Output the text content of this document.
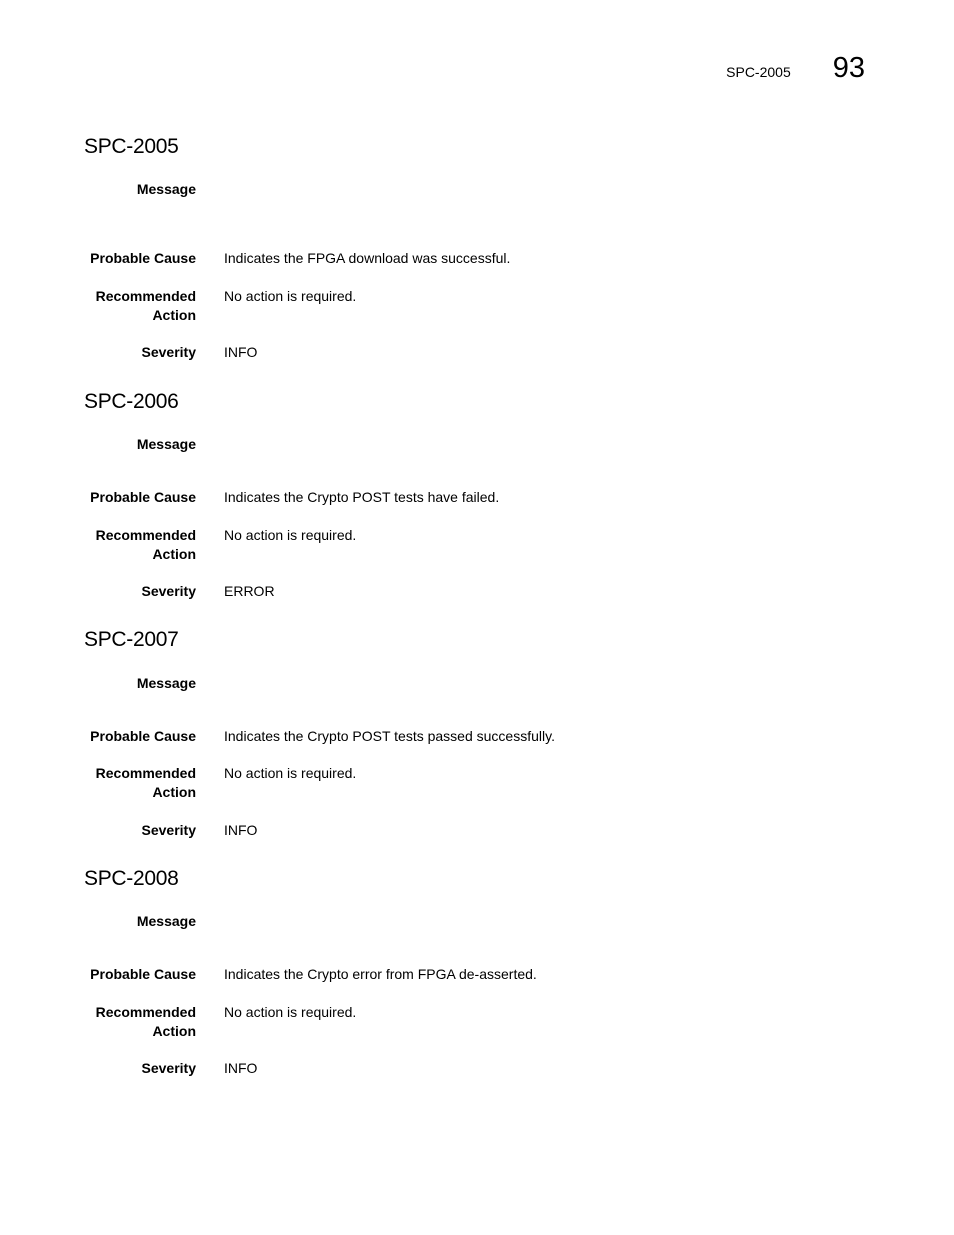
SPC-2005 93
SPC-2005
Message
Probable Cause Indicates the FPGA download was successful.
Recommended
Action
No action is required.
Severity INFO
SPC-2006
Message
Probable Cause Indicates the Crypto POST tests have failed.
Recommended
Action
No action is required.
Severity ERROR
SPC-2007
Message
Probable Cause Indicates the Crypto POST tests passed successfully.
Recommended
Action
No action is required.
Severity INFO
SPC-2008
Message
Probable Cause Indicates the Crypto error from FPGA de-asserted.
Recommended
Action
No action is required.
Severity INFO
